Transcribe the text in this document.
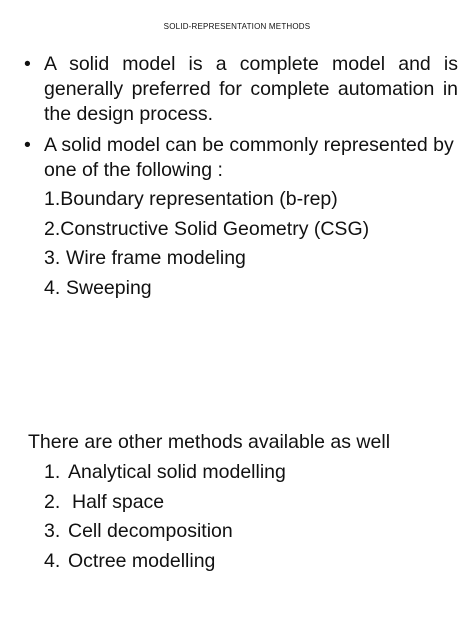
SOLID-REPRESENTATION METHODS
• A solid model is a complete model and is generally preferred for complete automation in the design process.
• A solid model can be commonly represented by one of the following :
1.Boundary representation (b-rep)
2.Constructive Solid Geometry (CSG)
3. Wire frame modeling
4. Sweeping
There are other methods available as well
1. Analytical solid modelling
2. Half space
3. Cell decomposition
4. Octree modelling
